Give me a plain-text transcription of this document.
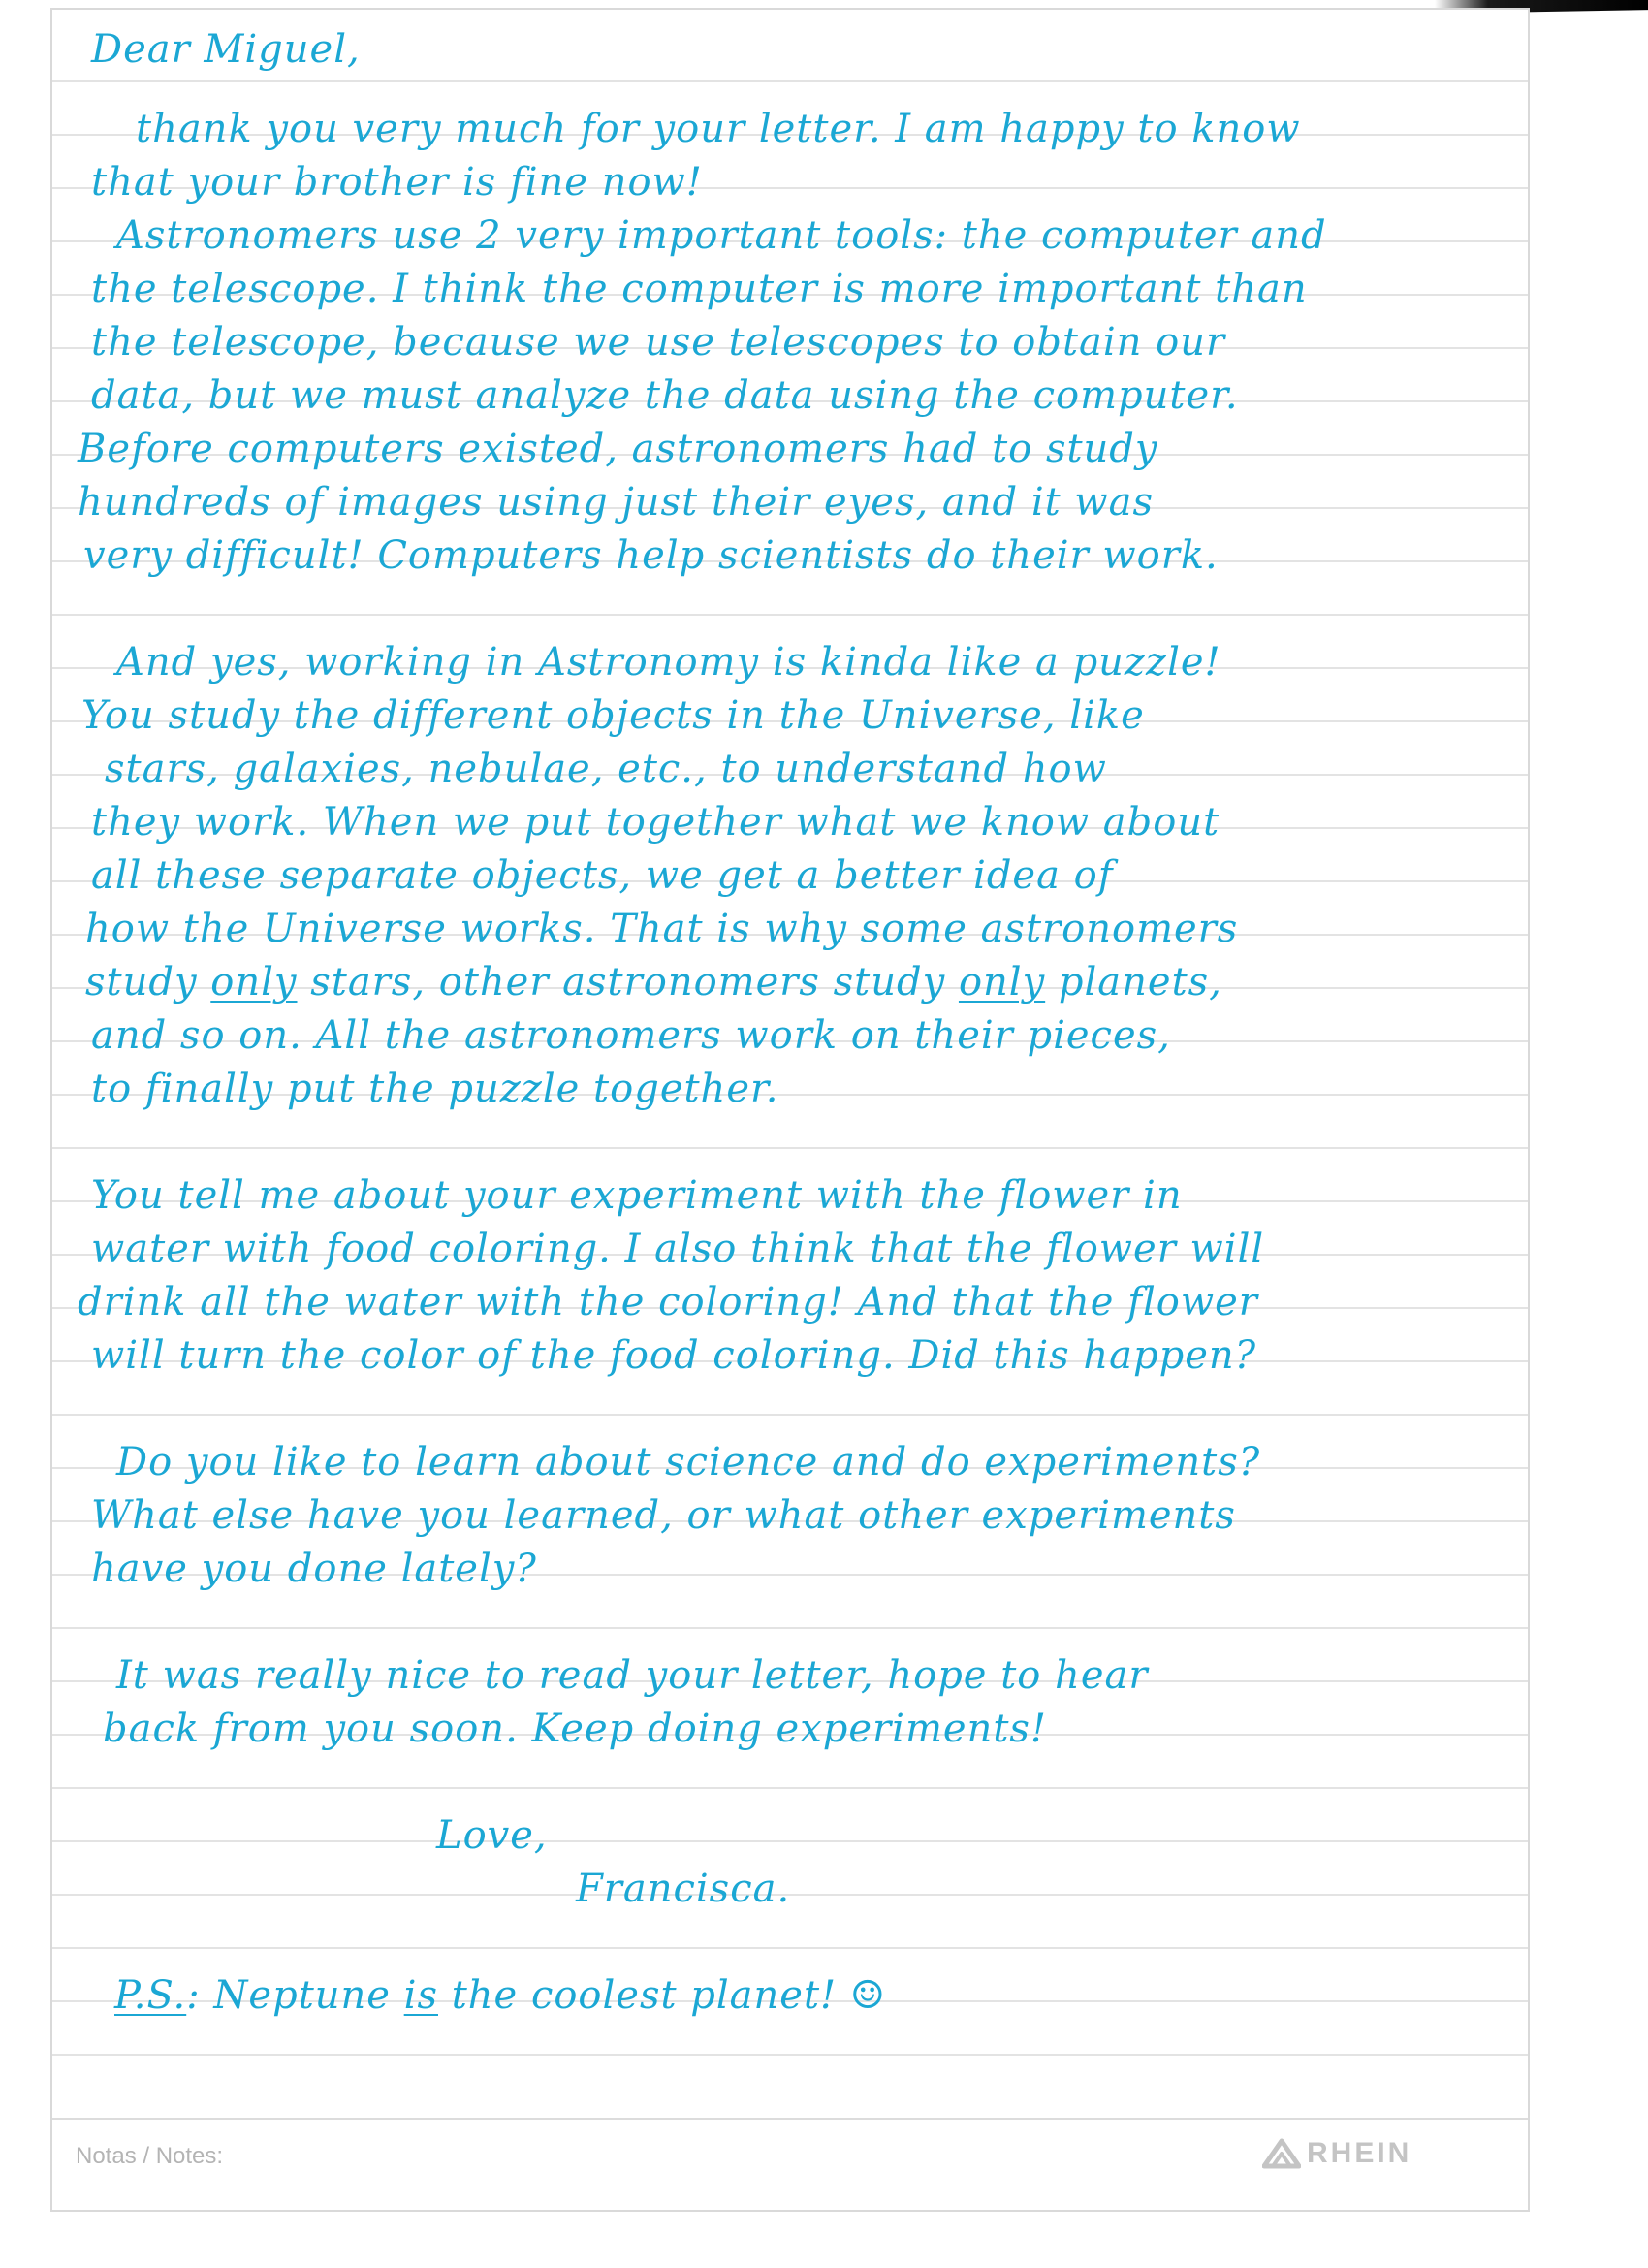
Dear Miguel,

thank you very much for your letter. I am happy to know

that your brother is fine now!

Astronomers use 2 very important tools: the computer and

the telescope. I think the computer is more important than

the telescope, because we use telescopes to obtain our

data, but we must analyze the data using the computer.

Before computers existed, astronomers had to study

hundreds of images using just their eyes, and it was

very difficult! Computers help scientists do their work.

And yes, working in Astronomy is kinda like a puzzle!

You study the different objects in the Universe, like

stars, galaxies, nebulae, etc., to understand how

they work. When we put together what we know about

all these separate objects, we get a better idea of

how the Universe works. That is why some astronomers

study only stars, other astronomers study only planets,

and so on. All the astronomers work on their pieces,

to finally put the puzzle together.

You tell me about your experiment with the flower in

water with food coloring. I also think that the flower will

drink all the water with the coloring! And that the flower

will turn the color of the food coloring. Did this happen?

Do you like to learn about science and do experiments?

What else have you learned, or what other experiments

have you done lately?

It was really nice to read your letter, hope to hear

back from you soon. Keep doing experiments!

Love,

Francisca.

P.S.: Neptune is the coolest planet! ☺

Notas / Notes:	RHEIN
